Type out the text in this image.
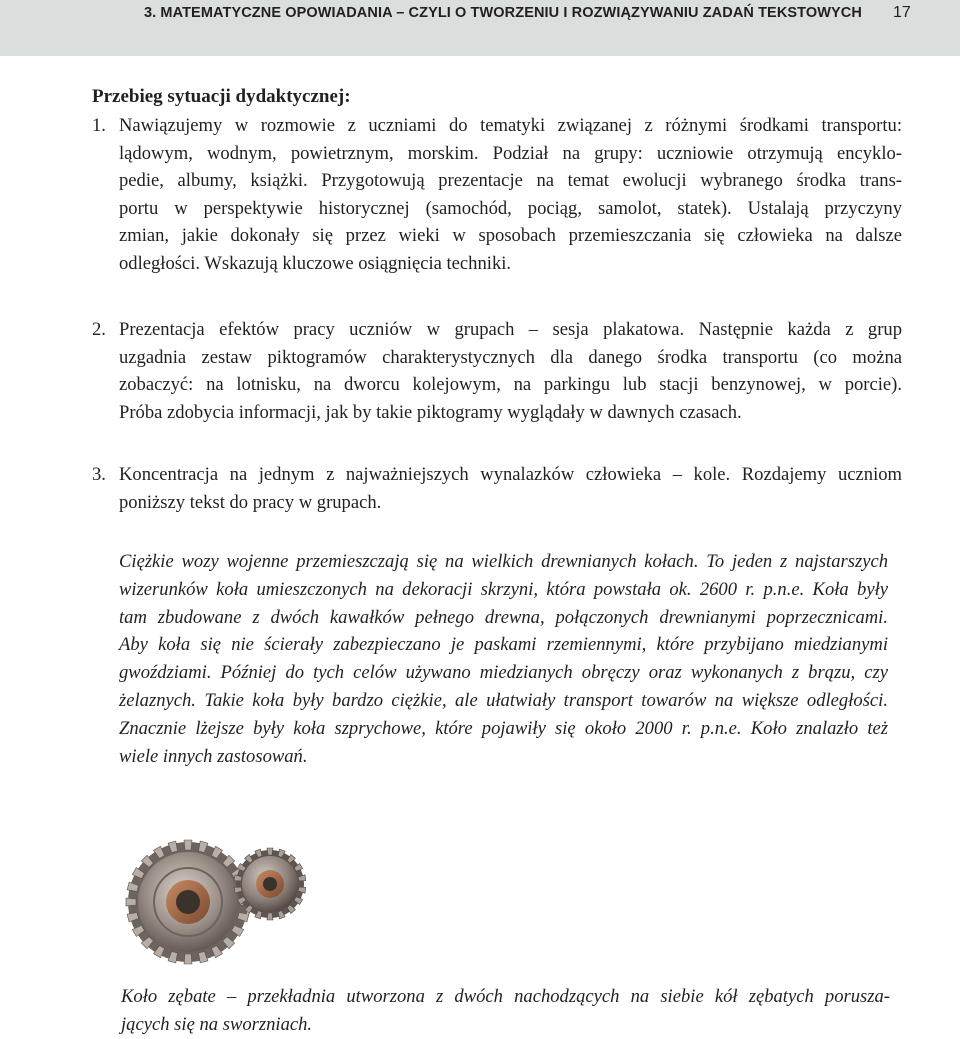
3. MATEMATYCZNE OPOWIADANIA – CZYLI O TWORZENIU I ROZWIĄZYWANIU ZADAŃ TEKSTOWYCH 17
Przebieg sytuacji dydaktycznej:
1. Nawiązujemy w rozmowie z uczniami do tematyki związanej z różnymi środkami transportu:
lądowym, wodnym, powietrznym, morskim. Podział na grupy: uczniowie otrzymują encyklo-
pedie, albumy, książki. Przygotowują prezentacje na temat ewolucji wybranego środka trans-
portu w perspektywie historycznej (samochód, pociąg, samolot, statek). Ustalają przyczyny
zmian, jakie dokonały się przez wieki w sposobach przemieszczania się człowieka na dalsze
odległości. Wskazują kluczowe osiągnięcia techniki.
2. Prezentacja efektów pracy uczniów w grupach – sesja plakatowa. Następnie każda z grup
uzgadnia zestaw piktogramów charakterystycznych dla danego środka transportu (co można
zobaczyć: na lotnisku, na dworcu kolejowym, na parkingu lub stacji benzynowej, w porcie).
Próba zdobycia informacji, jak by takie piktogramy wyglądały w dawnych czasach.
3. Koncentracja na jednym z najważniejszych wynalazków człowieka – kole. Rozdajemy uczniom
poniższy tekst do pracy w grupach.
Ciężkie wozy wojenne przemieszczają się na wielkich drewnianych kołach. To jeden z najstarszych
wizerunków koła umieszczonych na dekoracji skrzyni, która powstała ok. 2600 r. p.n.e. Koła były
tam zbudowane z dwóch kawałków pełnego drewna, połączonych drewnianymi poprzecznicami.
Aby koła się nie ścierały zabezpieczano je paskami rzemiennymi, które przybijano miedzianymi
gwoździami. Później do tych celów używano miedzianych obręczy oraz wykonanych z brązu, czy
żelaznych. Takie koła były bardzo ciężkie, ale ułatwiały transport towarów na większe odległości.
Znacznie lżejsze były koła szprychowe, które pojawiły się około 2000 r. p.n.e. Koło znalazło też
wiele innych zastosowań.
Koło zębate – przekładnia utworzona z dwóch nachodzących na siebie kół zębatych porusza-
jących się na sworzniach.
